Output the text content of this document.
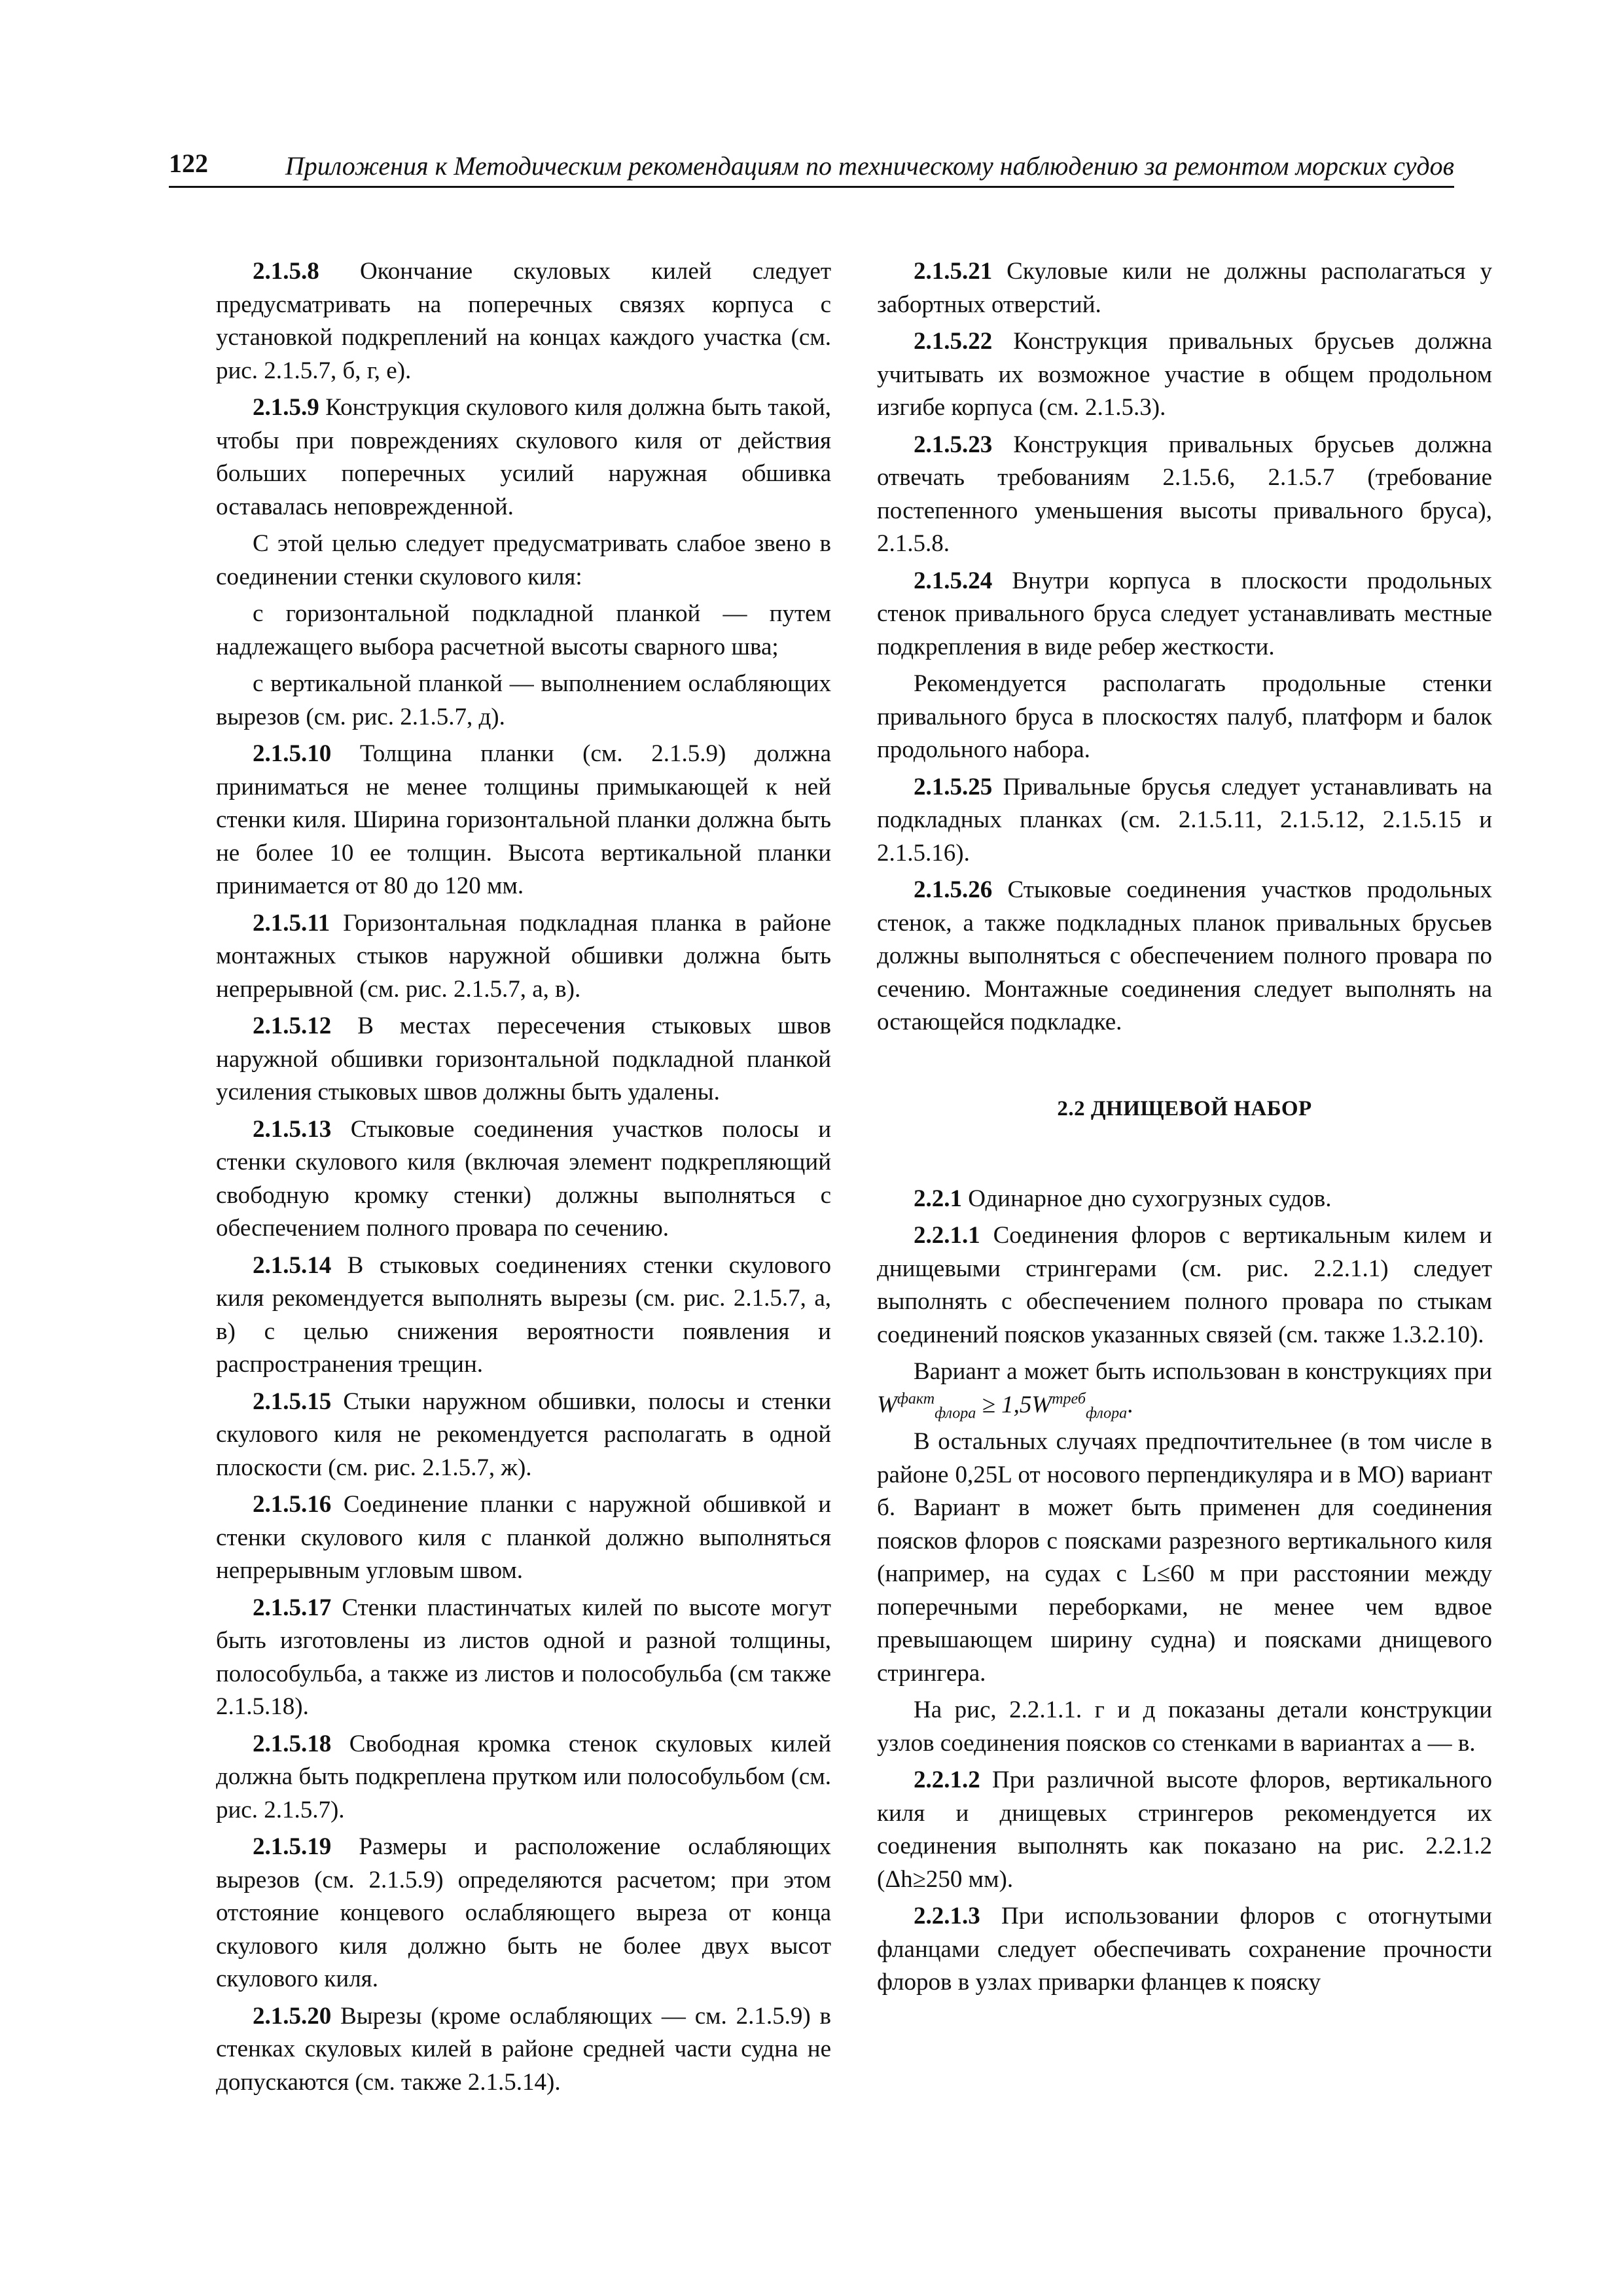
122	Приложения к Методическим рекомендациям по техническому наблюдению за ремонтом морских судов

2.1.5.8 Окончание скуловых килей следует предусматривать на поперечных связях корпуса с установкой подкреплений на концах каждого участка (см. рис. 2.1.5.7, б, г, е).

2.1.5.9 Конструкция скулового киля должна быть такой, чтобы при повреждениях скулового киля от действия больших поперечных усилий наружная обшивка оставалась неповрежденной.

С этой целью следует предусматривать слабое звено в соединении стенки скулового киля:

с горизонтальной подкладной планкой — путем надлежащего выбора расчетной высоты сварного шва;

с вертикальной планкой — выполнением ослабляющих вырезов (см. рис. 2.1.5.7, д).

2.1.5.10 Толщина планки (см. 2.1.5.9) должна приниматься не менее толщины примыкающей к ней стенки киля. Ширина горизонтальной планки должна быть не более 10 ее толщин. Высота вертикальной планки принимается от 80 до 120 мм.

2.1.5.11 Горизонтальная подкладная планка в районе монтажных стыков наружной обшивки должна быть непрерывной (см. рис. 2.1.5.7, а, в).

2.1.5.12 В местах пересечения стыковых швов наружной обшивки горизонтальной подкладной планкой усиления стыковых швов должны быть удалены.

2.1.5.13 Стыковые соединения участков полосы и стенки скулового киля (включая элемент подкрепляющий свободную кромку стенки) должны выполняться с обеспечением полного провара по сечению.

2.1.5.14 В стыковых соединениях стенки скулового киля рекомендуется выполнять вырезы (см. рис. 2.1.5.7, а, в) с целью снижения вероятности появления и распространения трещин.

2.1.5.15 Стыки наружном обшивки, полосы и стенки скулового киля не рекомендуется располагать в одной плоскости (см. рис. 2.1.5.7, ж).

2.1.5.16 Соединение планки с наружной обшивкой и стенки скулового киля с планкой должно выполняться непрерывным угловым швом.

2.1.5.17 Стенки пластинчатых килей по высоте могут быть изготовлены из листов одной и разной толщины, полособульба, а также из листов и полособульба (см также 2.1.5.18).

2.1.5.18 Свободная кромка стенок скуловых килей должна быть подкреплена прутком или полособульбом (см. рис. 2.1.5.7).

2.1.5.19 Размеры и расположение ослабляющих вырезов (см. 2.1.5.9) определяются расчетом; при этом отстояние концевого ослабляющего выреза от конца скулового киля должно быть не более двух высот скулового киля.

2.1.5.20 Вырезы (кроме ослабляющих — см. 2.1.5.9) в стенках скуловых килей в районе средней части судна не допускаются (см. также 2.1.5.14).

2.1.5.21 Скуловые кили не должны располагаться у забортных отверстий.

2.1.5.22 Конструкция привальных брусьев должна учитывать их возможное участие в общем продольном изгибе корпуса (см. 2.1.5.3).

2.1.5.23 Конструкция привальных брусьев должна отвечать требованиям 2.1.5.6, 2.1.5.7 (требование постепенного уменьшения высоты привального бруса), 2.1.5.8.

2.1.5.24 Внутри корпуса в плоскости продольных стенок привального бруса следует устанавливать местные подкрепления в виде ребер жесткости.

Рекомендуется располагать продольные стенки привального бруса в плоскостях палуб, платформ и балок продольного набора.

2.1.5.25 Привальные брусья следует устанавливать на подкладных планках (см. 2.1.5.11, 2.1.5.12, 2.1.5.15 и 2.1.5.16).

2.1.5.26 Стыковые соединения участков продольных стенок, а также подкладных планок привальных брусьев должны выполняться с обеспечением полного провара по сечению. Монтажные соединения следует выполнять на остающейся подкладке.

2.2 ДНИЩЕВОЙ НАБОР

2.2.1 Одинарное дно сухогрузных судов.

2.2.1.1 Соединения флоров с вертикальным килем и днищевыми стрингерами (см. рис. 2.2.1.1) следует выполнять с обеспечением полного провара по стыкам соединений поясков указанных связей (см. также 1.3.2.10).

Вариант а может быть использован в конструкциях при $W^{факт}_{флора} \ge 1,5W^{треб}_{флора}$.

В остальных случаях предпочтительнее (в том числе в районе 0,25L от носового перпендикуляра и в МО) вариант б. Вариант в может быть применен для соединения поясков флоров с поясками разрезного вертикального киля (например, на судах с L≤60 м при расстоянии между поперечными переборками, не менее чем вдвое превышающем ширину судна) и поясками днищевого стрингера.

На рис, 2.2.1.1. г и д показаны детали конструкции узлов соединения поясков со стенками в вариантах а — в.

2.2.1.2 При различной высоте флоров, вертикального киля и днищевых стрингеров рекомендуется их соединения выполнять как показано на рис. 2.2.1.2 (Δh≥250 мм).

2.2.1.3 При использовании флоров с отогнутыми фланцами следует обеспечивать сохранение прочности флоров в узлах приварки фланцев к пояску
